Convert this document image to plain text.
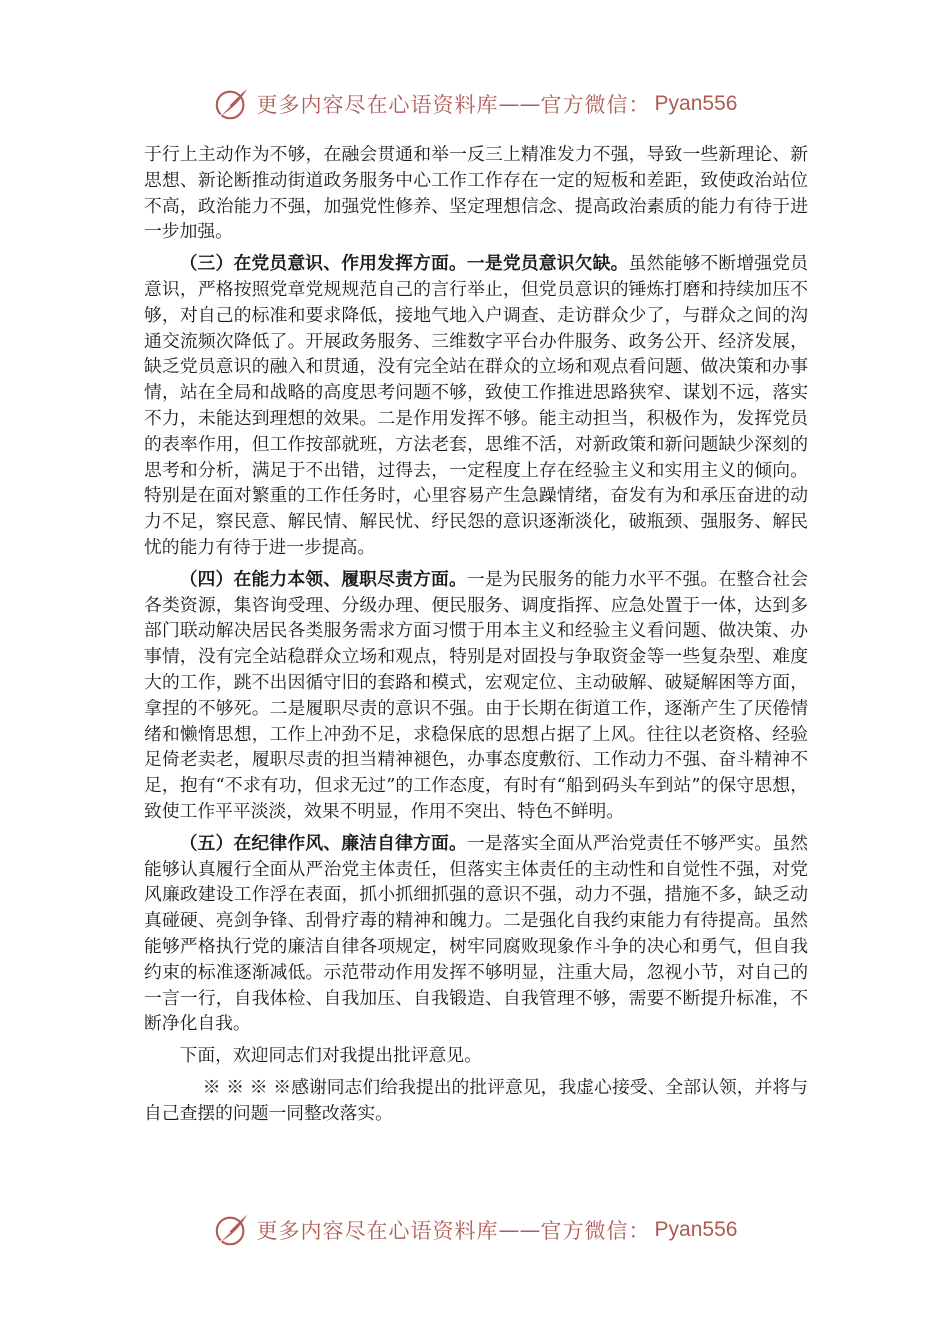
更多内容尽在心语资料库 —— 官方微信： Pyan556

于行上主动作为不够，在融会贯通和举一反三上精准发力不强，导致一些新理论、新思想、新论断推动街道政务服务中心工作工作存在一定的短板和差距，致使政治站位不高，政治能力不强，加强党性修养、坚定理想信念、提高政治素质的能力有待于进一步加强。

（三）在党员意识、作用发挥方面。一是党员意识欠缺。虽然能够不断增强党员意识，严格按照党章党规规范自己的言行举止，但党员意识的锤炼打磨和持续加压不够，对自己的标准和要求降低，接地气地入户调查、走访群众少了，与群众之间的沟通交流频次降低了。开展政务服务、三维数字平台办件服务、政务公开、经济发展，缺乏党员意识的融入和贯通，没有完全站在群众的立场和观点看问题、做决策和办事情，站在全局和战略的高度思考问题不够，致使工作推进思路狭窄、谋划不远，落实不力，未能达到理想的效果。二是作用发挥不够。能主动担当，积极作为，发挥党员的表率作用，但工作按部就班，方法老套，思维不活，对新政策和新问题缺少深刻的思考和分析，满足于不出错，过得去，一定程度上存在经验主义和实用主义的倾向。特别是在面对繁重的工作任务时，心里容易产生急躁情绪，奋发有为和承压奋进的动力不足，察民意、解民情、解民忧、纾民怨的意识逐渐淡化，破瓶颈、强服务、解民忧的能力有待于进一步提高。

（四）在能力本领、履职尽责方面。一是为民服务的能力水平不强。在整合社会各类资源，集咨询受理、分级办理、便民服务、调度指挥、应急处置于一体，达到多部门联动解决居民各类服务需求方面习惯于用本主义和经验主义看问题、做决策、办事情，没有完全站稳群众立场和观点，特别是对固投与争取资金等一些复杂型、难度大的工作，跳不出因循守旧的套路和模式，宏观定位、主动破解、破疑解困等方面，拿捏的不够死。二是履职尽责的意识不强。由于长期在街道工作，逐渐产生了厌倦情绪和懒惰思想，工作上冲劲不足，求稳保底的思想占据了上风。往往以老资格、经验足倚老卖老，履职尽责的担当精神褪色，办事态度敷衍、工作动力不强、奋斗精神不足，抱有“不求有功，但求无过”的工作态度，有时有“船到码头车到站”的保守思想，致使工作平平淡淡，效果不明显，作用不突出、特色不鲜明。

（五）在纪律作风、廉洁自律方面。一是落实全面从严治党责任不够严实。虽然能够认真履行全面从严治党主体责任，但落实主体责任的主动性和自觉性不强，对党风廉政建设工作浮在表面，抓小抓细抓强的意识不强，动力不强，措施不多，缺乏动真碰硬、亮剑争锋、刮骨疗毒的精神和魄力。二是强化自我约束能力有待提高。虽然能够严格执行党的廉洁自律各项规定，树牢同腐败现象作斗争的决心和勇气，但自我约束的标准逐渐减低。示范带动作用发挥不够明显，注重大局，忽视小节，对自己的一言一行，自我体检、自我加压、自我锻造、自我管理不够，需要不断提升标准，不断净化自我。

下面，欢迎同志们对我提出批评意见。

※ ※ ※ ※感谢同志们给我提出的批评意见，我虚心接受、全部认领，并将与自己查摆的问题一同整改落实。

更多内容尽在心语资料库 —— 官方微信： Pyan556
